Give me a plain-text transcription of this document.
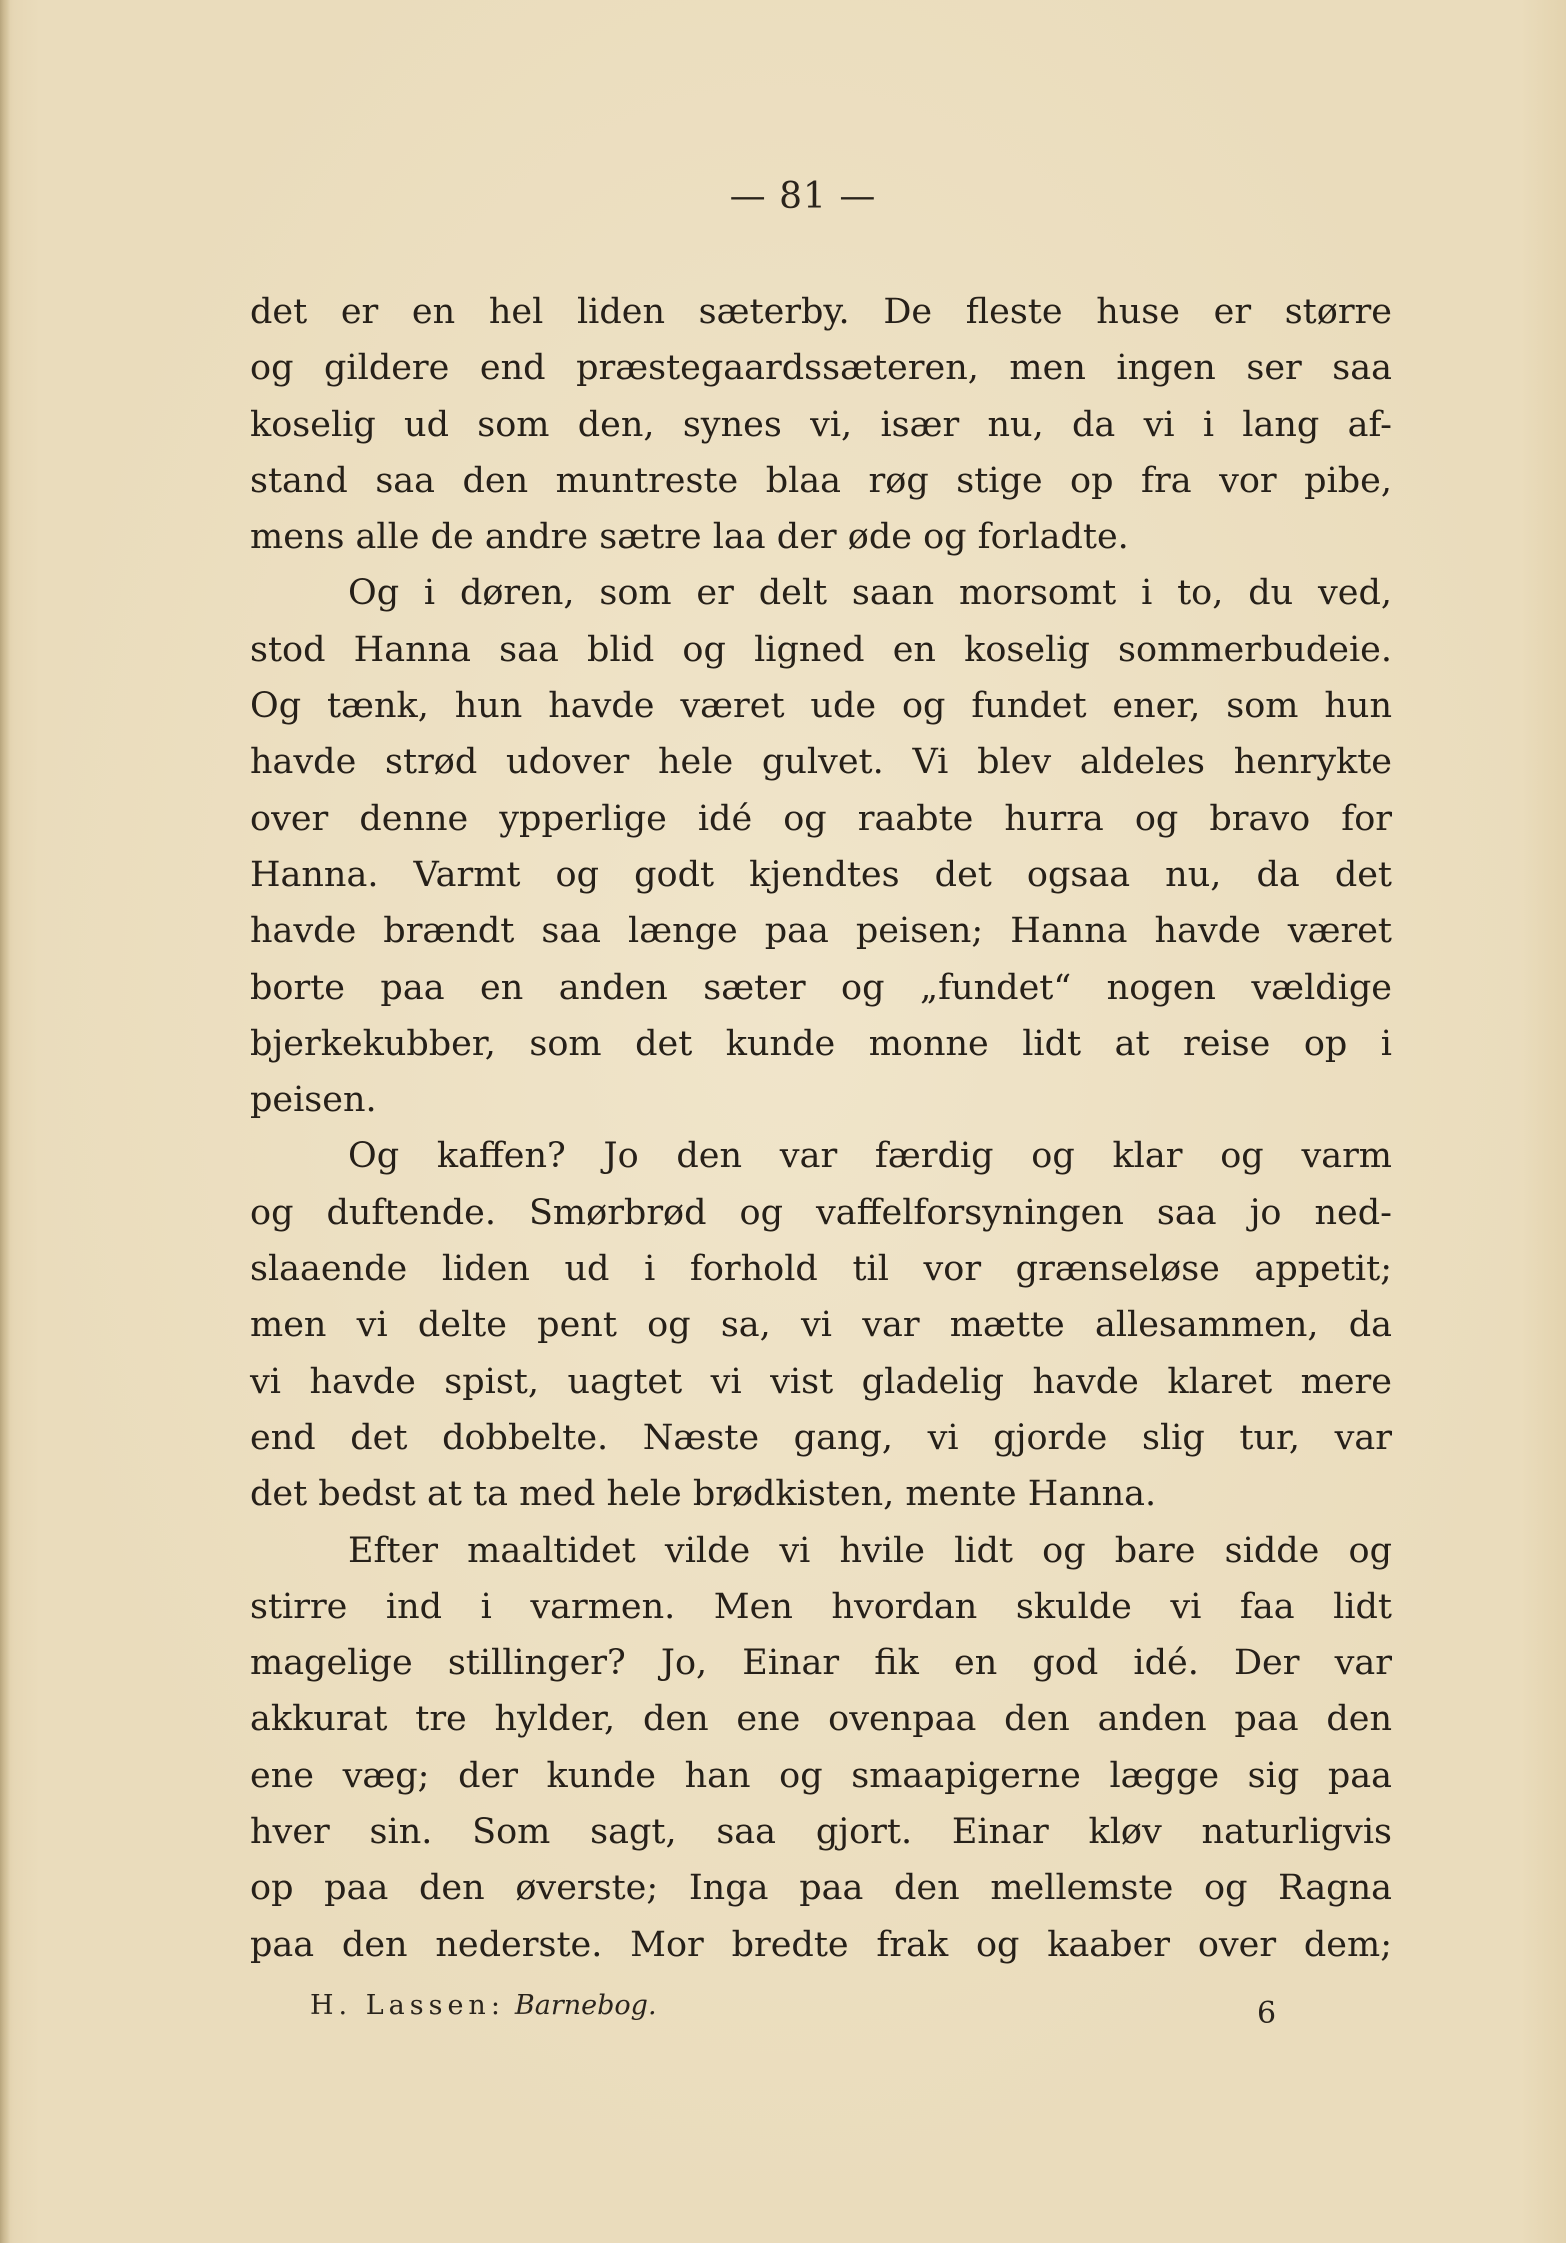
— 81 —
det er en hel liden sæterby. De fleste huse er større
og gildere end præstegaardssæteren, men ingen ser saa
koselig ud som den, synes vi, især nu, da vi i lang af-
stand saa den muntreste blaa røg stige op fra vor pibe,
mens alle de andre sætre laa der øde og forladte.
Og i døren, som er delt saan morsomt i to, du ved,
stod Hanna saa blid og ligned en koselig sommerbudeie.
Og tænk, hun havde været ude og fundet ener, som hun
havde strød udover hele gulvet. Vi blev aldeles henrykte
over denne ypperlige idé og raabte hurra og bravo for
Hanna. Varmt og godt kjendtes det ogsaa nu, da det
havde brændt saa længe paa peisen; Hanna havde været
borte paa en anden sæter og „fundet“ nogen vældige
bjerkekubber, som det kunde monne lidt at reise op i
peisen.
Og kaffen? Jo den var færdig og klar og varm
og duftende. Smørbrød og vaffelforsyningen saa jo ned-
slaaende liden ud i forhold til vor grænseløse appetit;
men vi delte pent og sa, vi var mætte allesammen, da
vi havde spist, uagtet vi vist gladelig havde klaret mere
end det dobbelte. Næste gang, vi gjorde slig tur, var
det bedst at ta med hele brødkisten, mente Hanna.
Efter maaltidet vilde vi hvile lidt og bare sidde og
stirre ind i varmen. Men hvordan skulde vi faa lidt
magelige stillinger? Jo, Einar fik en god idé. Der var
akkurat tre hylder, den ene ovenpaa den anden paa den
ene væg; der kunde han og smaapigerne lægge sig paa
hver sin. Som sagt, saa gjort. Einar kløv naturligvis
op paa den øverste; Inga paa den mellemste og Ragna
paa den nederste. Mor bredte frak og kaaber over dem;
H. Lassen: Barnebog.	6
